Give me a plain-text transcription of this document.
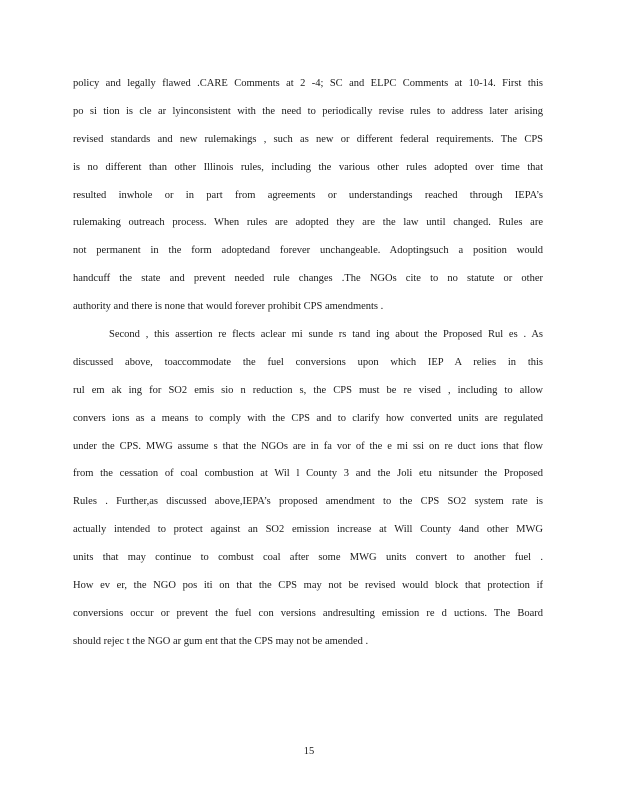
policy and legally flawed .CARE Comments at 2 -4; SC and ELPC Comments at 10-14. First this
po si tion is cle ar lyinconsistent with the need to periodically revise rules to address later arising
revised standards and new rulemakings , such as new or different federal requirements. The CPS
is no different than other Illinois rules, including the various other rules adopted over time that
resulted inwhole or in part from agreements or understandings reached through IEPA’s
rulemaking outreach process. When rules are adopted they are the law until changed. Rules are
not permanent in the form adoptedand forever unchangeable. Adoptingsuch a position would
handcuff the state and prevent needed rule changes .The NGOs cite to no statute or other
authority and there is none that would forever prohibit CPS amendments .
Second , this assertion re flects aclear mi sunde rs tand ing about the Proposed Rul es . As
discussed above, toaccommodate the fuel conversions upon which IEP A relies in this
rul em ak ing for SO2 emis sio n reduction s, the CPS must be re vised , including to allow
convers ions as a means to comply with the CPS and to clarify how converted units are regulated
under the CPS. MWG assume s that the NGOs are in fa vor of the e mi ssi on re duct ions that flow
from the cessation of coal combustion at Wil l County 3 and the Joli etu nitsunder the Proposed
Rules . Further,as discussed above,IEPA’s proposed amendment to the CPS SO2 system rate is
actually intended to protect against an SO2 emission increase at Will County 4and other MWG
units that may continue to combust coal after some MWG units convert to another fuel .
How ev er, the NGO pos iti on that the CPS may not be revised would block that protection if
conversions occur or prevent the fuel con versions andresulting emission re d uctions. The Board
should rejec t the NGO ar gum ent that the CPS may not be amended .
15
